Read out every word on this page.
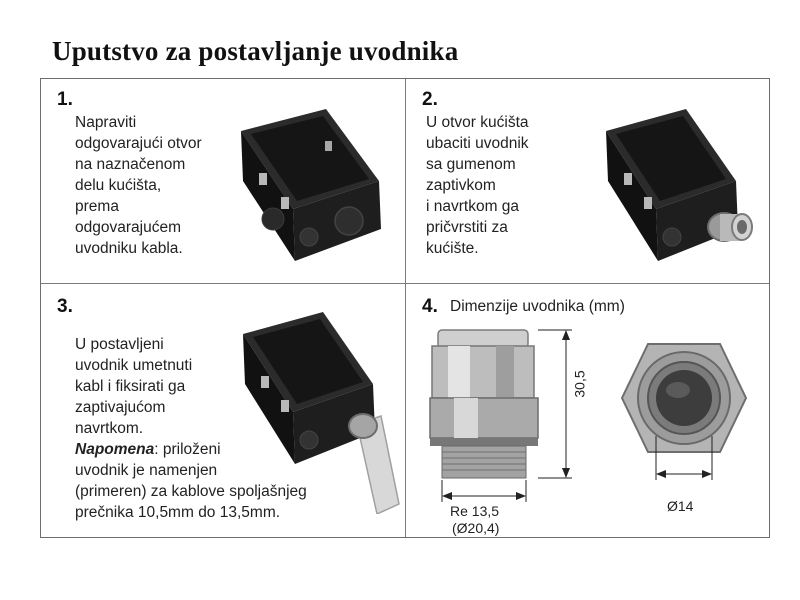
Uputstvo za postavljanje uvodnika
1.
Napraviti
odgovarajući otvor
na naznačenom
delu kućišta,
prema
odgovarajućem
uvodniku kabla.
2.
U otvor kućišta
ubaciti uvodnik
sa gumenom
zaptivkom
i navrtkom ga
pričvrstiti za
kućište.
3.
U postavljeni
uvodnik umetnuti
kabl i fiksirati ga
zaptivajućom
navrtkom.
Napomena: priloženi
uvodnik je namenjen
(primeren) za kablove spoljašnjeg
prečnika 10,5mm do 13,5mm.
4. Dimenzije uvodnika (mm)
30,5
Re 13,5
(Ø20,4)
Ø14
